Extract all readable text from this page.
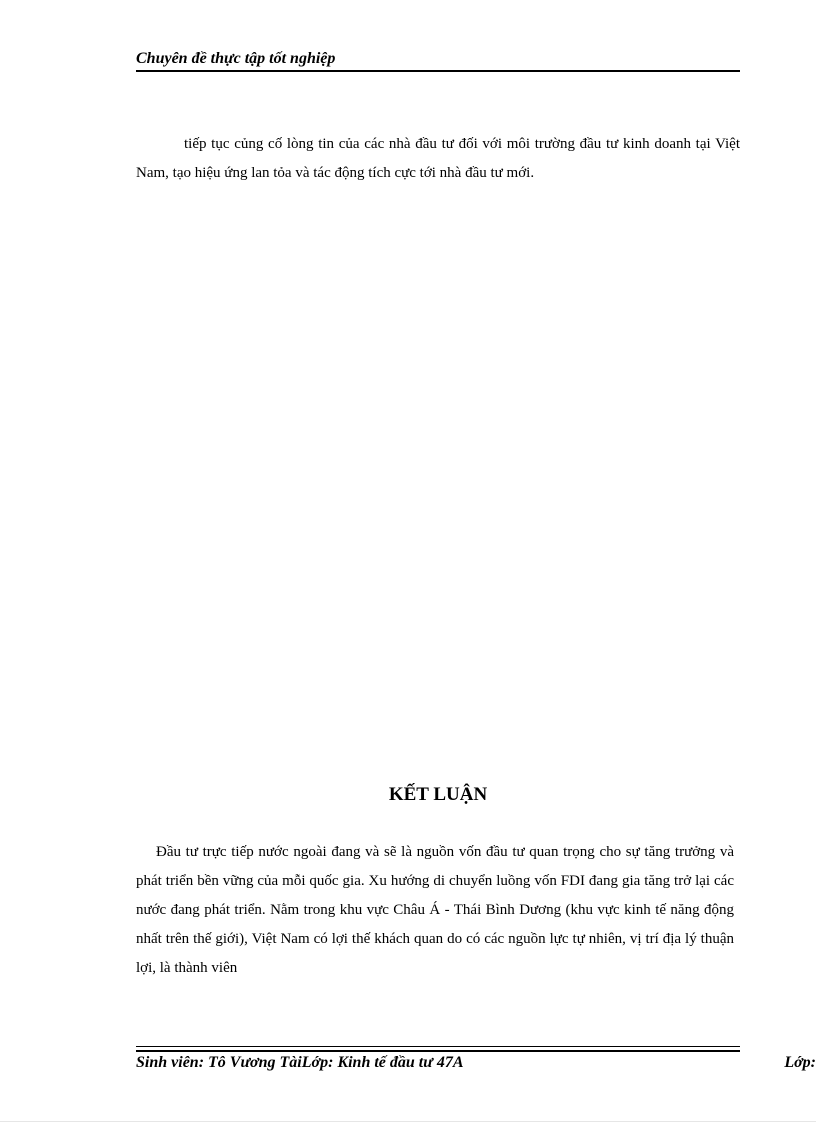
Chuyên đề thực tập tốt nghiệp

tiếp tục củng cố lòng tin của các nhà đầu tư đối với môi trường đầu tư kinh doanh tại Việt Nam, tạo hiệu ứng lan tỏa và tác động tích cực tới nhà đầu tư mới.

KẾT LUẬN

Đầu tư trực tiếp nước ngoài đang và sẽ là nguồn vốn đầu tư quan trọng cho sự tăng trưởng và phát triển bền vững của mỗi quốc gia. Xu hướng di chuyển luồng vốn FDI đang gia tăng trở lại các nước đang phát triển. Nằm trong khu vực Châu Á - Thái Bình Dương (khu vực kinh tế năng động nhất trên thế giới), Việt Nam có lợi thế khách quan do có các nguồn lực tự nhiên, vị trí địa lý thuận lợi, là thành viên

Sinh viên: Tô Vương TàiLớp: Kinh tế đầu tư 47A	Lớp:
